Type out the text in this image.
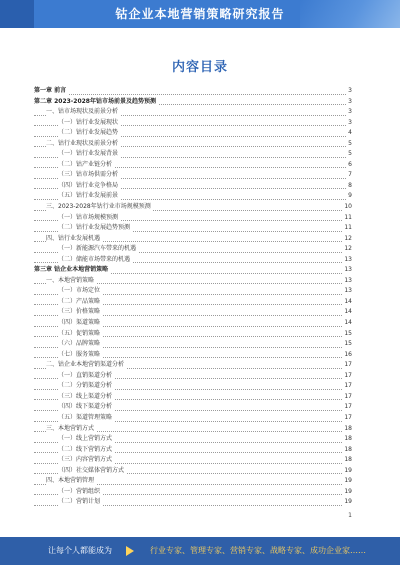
钴企业本地营销策略研究报告
内容目录
第一章 前言	3
第二章 2023-2028年钴市场前景及趋势预测	3
一、钴市场现状及前景分析	3
（一）钴行业发展现状	3
（二）钴行业发展趋势	4
二、钴行业现状及前景分析	5
（一）钴行业发展背景	5
（二）钴产业链分析	6
（三）钴市场供需分析	7
（四）钴行业竞争格局	8
（五）钴行业发展前景	9
三、2023-2028年钴行业市场规模预测	10
（一）钴市场规模预测	11
（二）钴行业发展趋势预测	11
四、钴行业发展机遇	12
（一）新能源汽车带来的机遇	12
（二）储能市场带来的机遇	13
第三章 钴企业本地营销策略	13
一、本地营销策略	13
（一）市场定位	13
（二）产品策略	14
（三）价格策略	14
（四）渠道策略	14
（五）促销策略	15
（六）品牌策略	15
（七）服务策略	16
二、钴企业本地营销渠道分析	17
（一）直销渠道分析	17
（二）分销渠道分析	17
（三）线上渠道分析	17
（四）线下渠道分析	17
（五）渠道管理策略	17
三、本地营销方式	18
（一）线上营销方式	18
（二）线下营销方式	18
（三）内容营销方式	18
（四）社交媒体营销方式	19
四、本地营销管理	19
（一）营销组织	19
（二）营销计划	19
1
让每个人都能成为	行业专家、管理专家、营销专家、战略专家、成功企业家……
